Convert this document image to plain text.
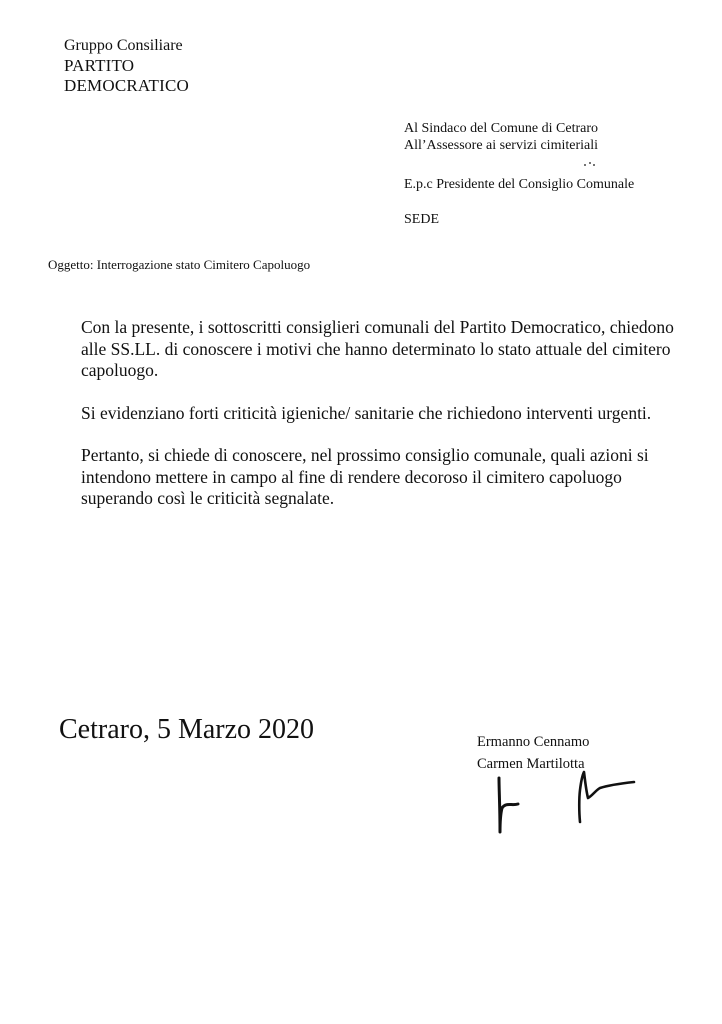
Gruppo Consiliare
PARTITO
DEMOCRATICO
Al Sindaco del Comune di Cetraro
All’Assessore ai servizi cimiteriali
E.p.c Presidente del Consiglio Comunale
SEDE
Oggetto: Interrogazione stato Cimitero Capoluogo

Con la presente, i sottoscritti consiglieri comunali del Partito Democratico, chiedono alle SS.LL. di conoscere i motivi che hanno determinato lo stato attuale del cimitero capoluogo.

Si evidenziano forti criticità igieniche/ sanitarie che richiedono interventi urgenti.

Pertanto, si chiede di conoscere, nel prossimo consiglio comunale, quali azioni si intendono mettere in campo al fine di rendere decoroso il cimitero capoluogo superando così le criticità segnalate.

Cetraro, 5 Marzo 2020	Ermanno Cennamo
Carmen Martilotta
